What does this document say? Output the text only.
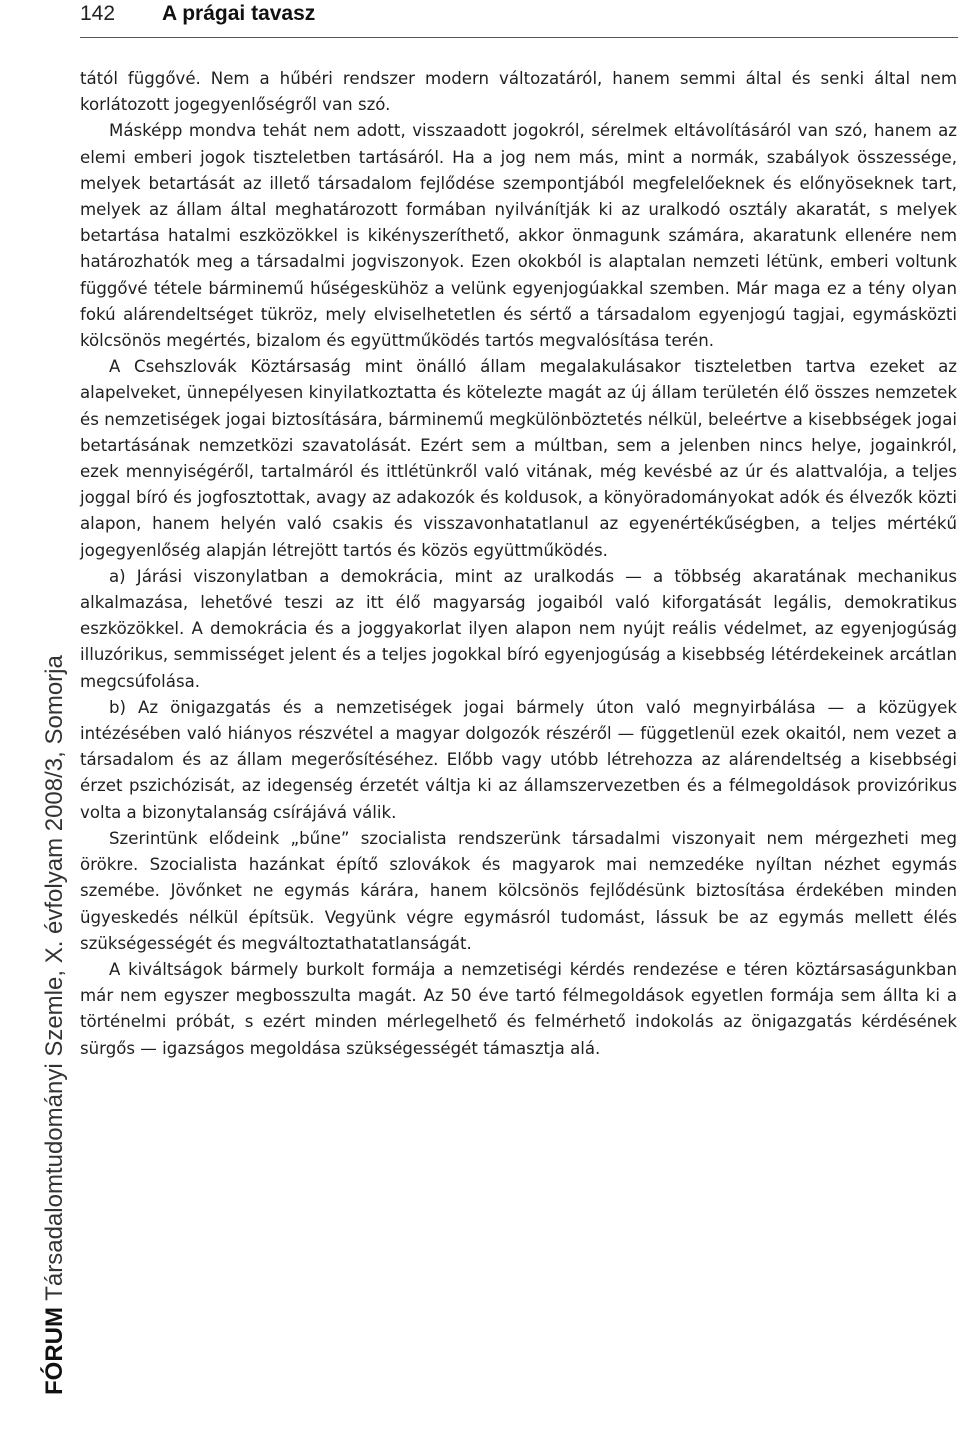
142 A prágai tavasz
FÓRUM Társadalomtudományi Szemle, X. évfolyam 2008/3, Somorja

tától függővé. Nem a hűbéri rendszer modern változatáról, hanem semmi által és senki által nem korlátozott jogegyenlőségről van szó.

Másképp mondva tehát nem adott, visszaadott jogokról, sérelmek eltávolításáról van szó, hanem az elemi emberi jogok tiszteletben tartásáról. Ha a jog nem más, mint a normák, szabályok összessége, melyek betartását az illető társadalom fejlődése szempontjából megfelelőeknek és előnyöseknek tart, melyek az állam által meghatározott formában nyilvánítják ki az uralkodó osztály akaratát, s melyek betartása hatalmi eszközökkel is kikényszeríthető, akkor önmagunk számára, akaratunk ellenére nem határozhatók meg a társadalmi jogviszonyok. Ezen okokból is alaptalan nemzeti létünk, emberi voltunk függővé tétele bárminemű hűségeskühöz a velünk egyenjogúakkal szemben. Már maga ez a tény olyan fokú alárendeltséget tükröz, mely elviselhetetlen és sértő a társadalom egyenjogú tagjai, egymásközti kölcsönös megértés, bizalom és együttműködés tartós megvalósítása terén.

A Csehszlovák Köztársaság mint önálló állam megalakulásakor tiszteletben tartva ezeket az alapelveket, ünnepélyesen kinyilatkoztatta és kötelezte magát az új állam területén élő összes nemzetek és nemzetiségek jogai biztosítására, bárminemű megkülönböztetés nélkül, beleértve a kisebbségek jogai betartásának nemzetközi szavatolását. Ezért sem a múltban, sem a jelenben nincs helye, jogainkról, ezek mennyiségéről, tartalmáról és ittlétünkről való vitának, még kevésbé az úr és alattvalója, a teljes joggal bíró és jogfosztottak, avagy az adakozók és koldusok, a könyöradományokat adók és élvezők közti alapon, hanem helyén való csakis és visszavonhatatlanul az egyenértékűségben, a teljes mértékű jogegyenlőség alapján létrejött tartós és közös együttműködés.

a) Járási viszonylatban a demokrácia, mint az uralkodás — a többség akaratának mechanikus alkalmazása, lehetővé teszi az itt élő magyarság jogaiból való kiforgatását legális, demokratikus eszközökkel. A demokrácia és a joggyakorlat ilyen alapon nem nyújt reális védelmet, az egyenjogúság illuzórikus, semmisséget jelent és a teljes jogokkal bíró egyenjogúság a kisebbség létérdekeinek arcátlan megcsúfolása.

b) Az önigazgatás és a nemzetiségek jogai bármely úton való megnyirbálása — a közügyek intézésében való hiányos részvétel a magyar dolgozók részéről — függetlenül ezek okaitól, nem vezet a társadalom és az állam megerősítéséhez. Előbb vagy utóbb létrehozza az alárendeltség a kisebbségi érzet pszichózisát, az idegenség érzetét váltja ki az államszervezetben és a félmegoldások provizórikus volta a bizonytalanság csírájává válik.

Szerintünk elődeink „bűne” szocialista rendszerünk társadalmi viszonyait nem mérgezheti meg örökre. Szocialista hazánkat építő szlovákok és magyarok mai nemzedéke nyíltan nézhet egymás szemébe. Jövőnket ne egymás kárára, hanem kölcsönös fejlődésünk biztosítása érdekében minden ügyeskedés nélkül építsük. Vegyünk végre egymásról tudomást, lássuk be az egymás mellett élés szükségességét és megváltoztathatatlanságát.

A kiváltságok bármely burkolt formája a nemzetiségi kérdés rendezése e téren köztársaságunkban már nem egyszer megbosszulta magát. Az 50 éve tartó félmegoldások egyetlen formája sem állta ki a történelmi próbát, s ezért minden mérlegelhető és felmérhető indokolás az önigazgatás kérdésének sürgős — igazságos megoldása szükségességét támasztja alá.
